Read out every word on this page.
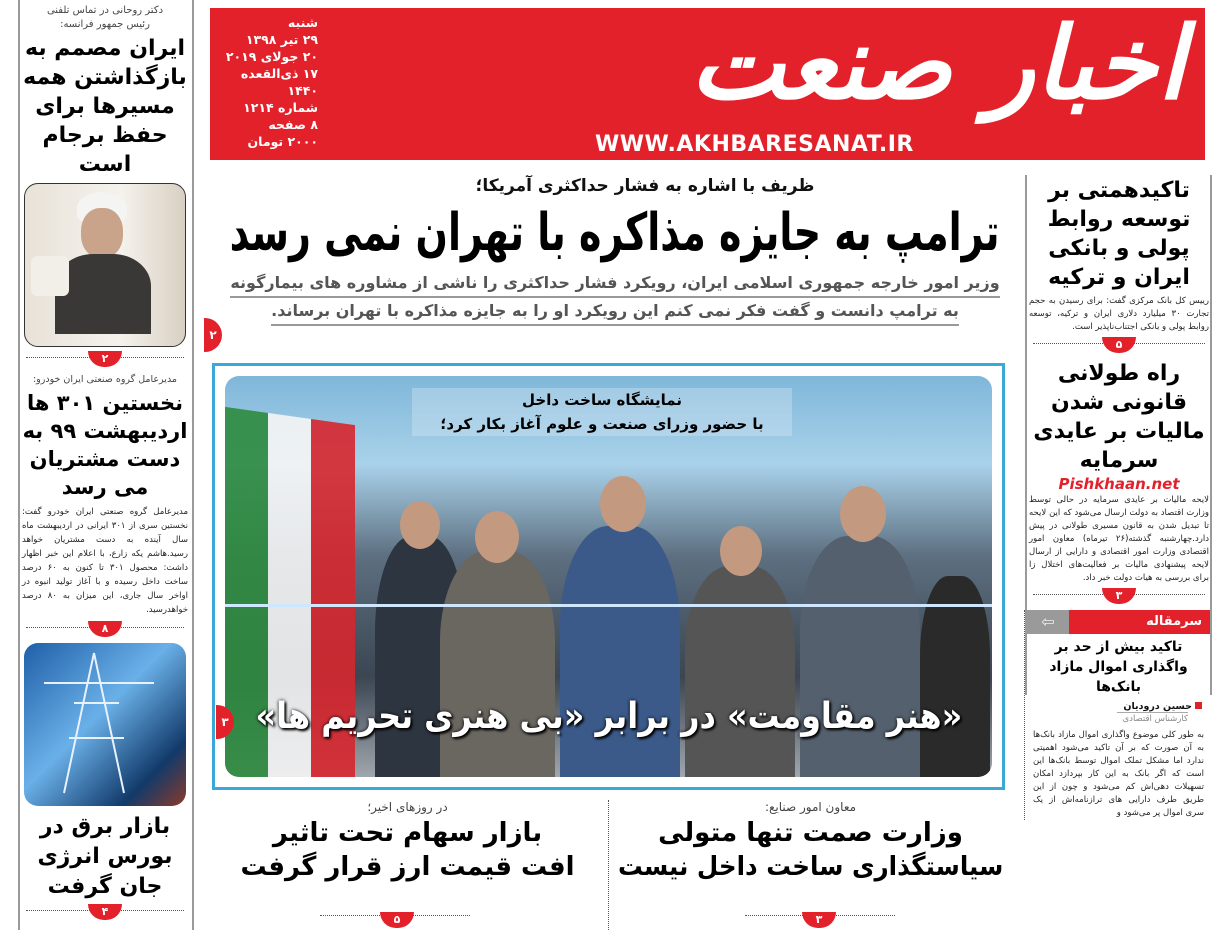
دکتر روحانی در تماس تلفنی
رئیس جمهور فرانسه:
ایران مصمم به بازگذاشتن همه مسیرها برای حفظ برجام است
۲
مدیرعامل گروه صنعتی ایران خودرو:
نخستین ۳۰۱ ها اردیبهشت ۹۹ به دست مشتریان می رسد
مدیرعامل گروه صنعتی ایران خودرو گفت: نخستین سری از ۳۰۱ ایرانی در اردیبهشت ماه سال آینده به دست مشتریان خواهد رسید.هاشم یکه زارع، با اعلام این خبر اظهار داشت: محصول ۳۰۱ تا کنون به ۶۰ درصد ساخت داخل رسیده و با آغاز تولید انبوه در اواخر سال جاری، این میزان به ۸۰ درصد خواهدرسید.
۸
بازار برق در بورس انرژی جان گرفت
۴
شنبه
۲۹ تیر ۱۳۹۸
۲۰ جولای ۲۰۱۹
۱۷ ذی‌القعده ۱۴۴۰
شماره ۱۲۱۴
۸ صفحه
۲۰۰۰ تومان
اخبار صنعت
WWW.AKHBARESANAT.IR
ظریف با اشاره به فشار حداکثری آمریکا؛
ترامپ به جایزه مذاکره با تهران نمی رسد
وزیر امور خارجه جمهوری اسلامی ایران، رویکرد فشار حداکثری را ناشی از مشاوره های بیمارگونه
به ترامپ دانست و گفت فکر نمی کنم این رویکرد او را به جایزه مذاکره با تهران برساند.
۲
نمایشگاه ساخت داخل
با حضور وزرای صنعت و علوم آغاز بکار کرد؛
«هنر مقاومت» در برابر «بی هنری تحریم ها»
۳
معاون امور صنایع:
وزارت صمت تنها متولی
سیاستگذاری ساخت داخل نیست
۳
در روزهای اخیر؛
بازار سهام تحت تاثیر
افت قیمت ارز قرار گرفت
۵
تاکیدهمتی بر توسعه روابط پولی و بانکی ایران و ترکیه
رییس کل بانک مرکزی گفت: برای رسیدن به حجم تجارت ۳۰ میلیارد دلاری ایران و ترکیه، توسعه روابط پولی و بانکی اجتناب‌ناپذیر است.
۵
راه طولانی قانونی شدن مالیات بر عایدی سرمایه
Pishkhaan.net
لایحه مالیات بر عایدی سرمایه در حالی توسط وزارت اقتصاد به دولت ارسال می‌شود که این لایحه تا تبدیل شدن به قانون مسیری طولانی در پیش دارد.چهارشنبه گذشته(۲۶ تیرماه) معاون امور اقتصادی وزارت امور اقتصادی و دارایی از ارسال لایحه پیشنهادی مالیات بر فعالیت‌های اختلال زا برای بررسی به هیات دولت خبر داد.
۳
⇦	سرمقاله
تاکید بیش از حد بر واگذاری اموال مازاد بانک‌ها
حسین درودیان
کارشناس اقتصادی
به طور کلی موضوع واگذاری اموال مازاد بانک‌ها به آن صورت که بر آن تاکید می‌شود اهمیتی ندارد اما مشکل تملک اموال توسط بانک‌ها این است که اگر بانک به این کار بپردازد امکان تسهیلات دهی‌اش کم می‌شود و چون از این طریق طرف دارایی های ترازنامه‌اش از یک سری اموال پر می‌شود و
